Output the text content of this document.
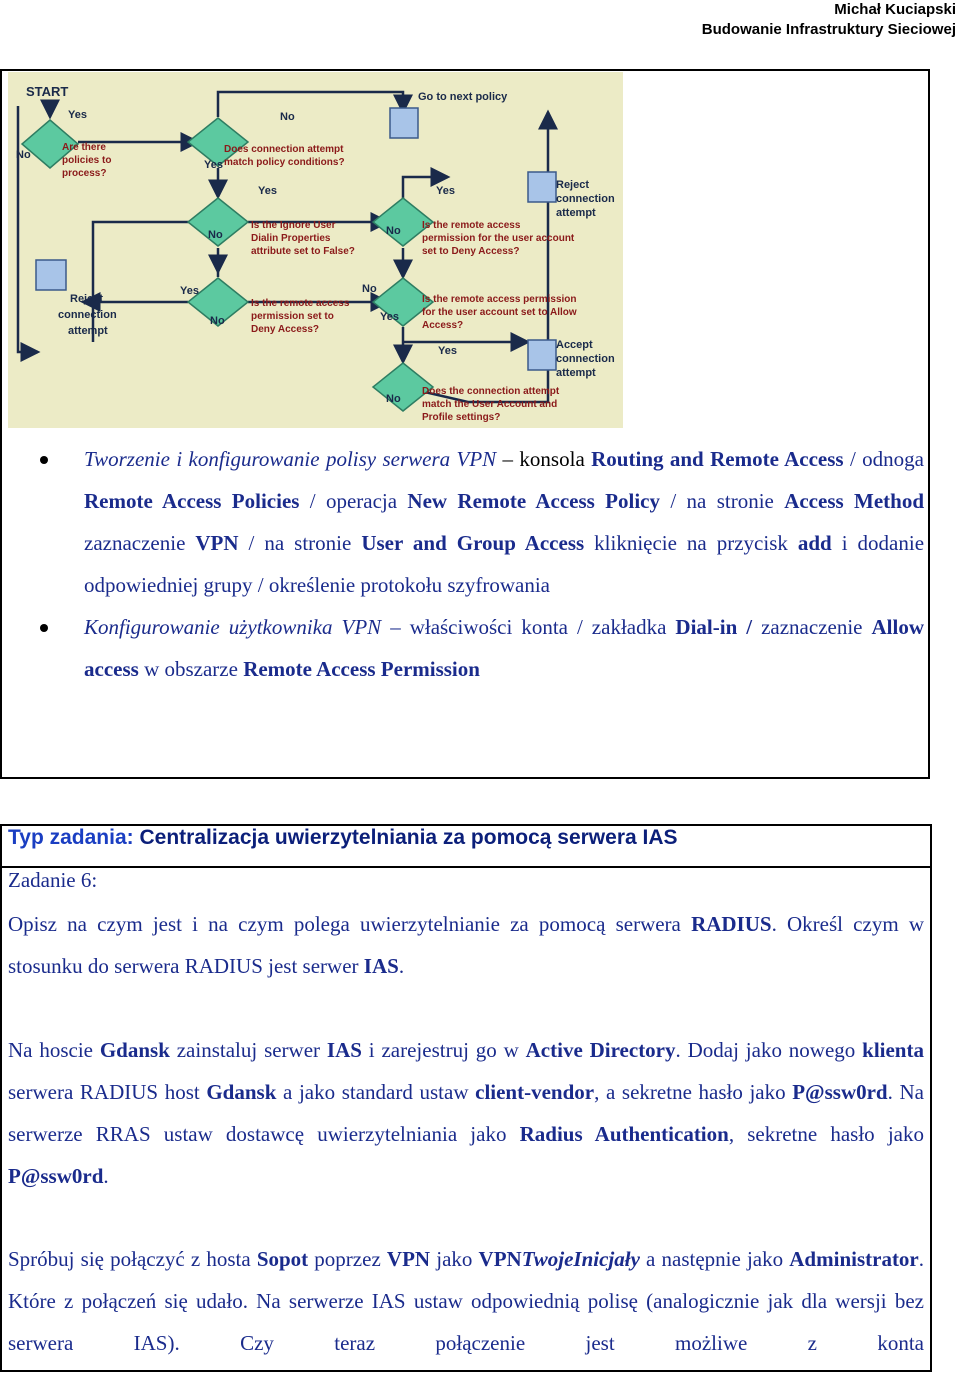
Michał Kuciapski
Budowanie Infrastruktury Sieciowej
START	Go to next policy
Yes
No
No
Yes
Yes
No
Yes
No
Yes
No
No
Yes
Yes
No
Are there
policies to
process?
Does connection attempt
match policy conditions?
Is the Ignore User
Dialin Properties
attribute set to False?
Is the remote access
permission set to
Deny Access?
Is the remote access
permission for the user account
set to Deny Access?
Is the remote access permission
for the user account set to Allow
Access?
Does the connection attempt
match the User Account and
Profile settings?
Reject
connection
attempt
Reject
connection
attempt
Accept
connection
attempt
Tworzenie i konfigurowanie polisy serwera VPN – konsola Routing and Remote Access / odnoga Remote Access Policies / operacja New Remote Access Policy / na stronie Access Method zaznaczenie VPN / na stronie User and Group Access kliknięcie na przycisk add i dodanie odpowiedniej grupy / określenie protokołu szyfrowania
Konfigurowanie użytkownika VPN – właściwości konta / zakładka Dial-in / zaznaczenie Allow access w obszarze Remote Access Permission
Typ zadania: Centralizacja uwierzytelniania za pomocą serwera IAS
Zadanie 6:
Opisz na czym jest i na czym polega uwierzytelnianie za pomocą serwera RADIUS. Określ czym w stosunku do serwera RADIUS jest serwer IAS.
Na hoscie Gdansk zainstaluj serwer IAS i zarejestruj go w Active Directory. Dodaj jako nowego klienta serwera RADIUS host Gdansk a jako standard ustaw client-vendor, a sekretne hasło jako P@ssw0rd. Na serwerze RRAS ustaw dostawcę uwierzytelniania jako Radius Authentication, sekretne hasło jako P@ssw0rd.
Spróbuj się połączyć z hosta Sopot poprzez VPN jako VPNTwojeInicjały a następnie jako Administrator. Które z połączeń się udało. Na serwerze IAS ustaw odpowiednią polisę (analogicznie jak dla wersji bez serwera IAS). Czy teraz połączenie jest możliwe z konta
